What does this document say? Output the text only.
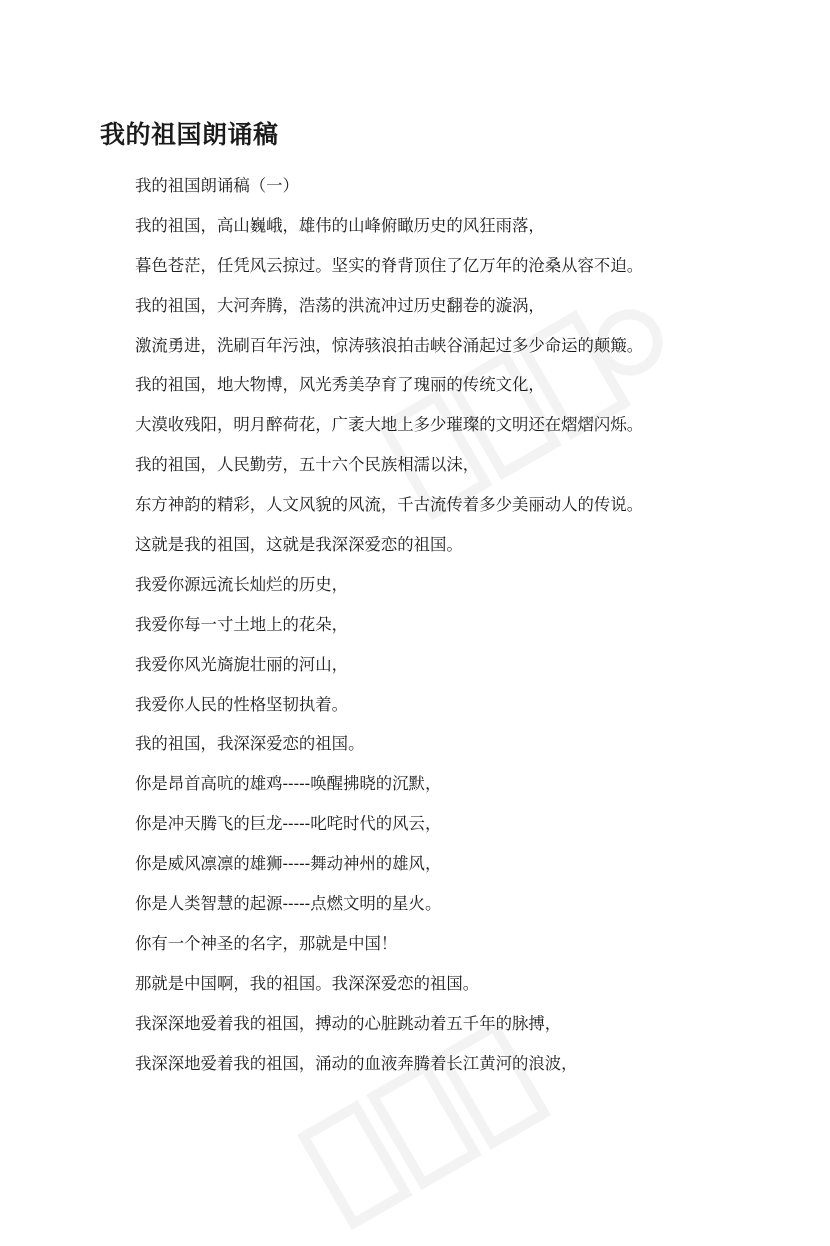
我的祖国朗诵稿
我的祖国朗诵稿（一）
我的祖国，高山巍峨，雄伟的山峰俯瞰历史的风狂雨落，
暮色苍茫，任凭风云掠过。坚实的脊背顶住了亿万年的沧桑从容不迫。
我的祖国，大河奔腾，浩荡的洪流冲过历史翻卷的漩涡，
激流勇进，洗刷百年污浊，惊涛骇浪拍击峡谷涌起过多少命运的颠簸。
我的祖国，地大物博，风光秀美孕育了瑰丽的传统文化，
大漠收残阳，明月醉荷花，广袤大地上多少璀璨的文明还在熠熠闪烁。
我的祖国，人民勤劳，五十六个民族相濡以沫，
东方神韵的精彩，人文风貌的风流，千古流传着多少美丽动人的传说。
这就是我的祖国，这就是我深深爱恋的祖国。
我爱你源远流长灿烂的历史，
我爱你每一寸土地上的花朵，
我爱你风光旖旎壮丽的河山，
我爱你人民的性格坚韧执着。
我的祖国，我深深爱恋的祖国。
你是昂首高吭的雄鸡-----唤醒拂晓的沉默，
你是冲天腾飞的巨龙-----叱咤时代的风云，
你是威风凛凛的雄狮-----舞动神州的雄风，
你是人类智慧的起源-----点燃文明的星火。
你有一个神圣的名字，那就是中国！
那就是中国啊，我的祖国。我深深爱恋的祖国。
我深深地爱着我的祖国，搏动的心脏跳动着五千年的脉搏，
我深深地爱着我的祖国，涌动的血液奔腾着长江黄河的浪波，
